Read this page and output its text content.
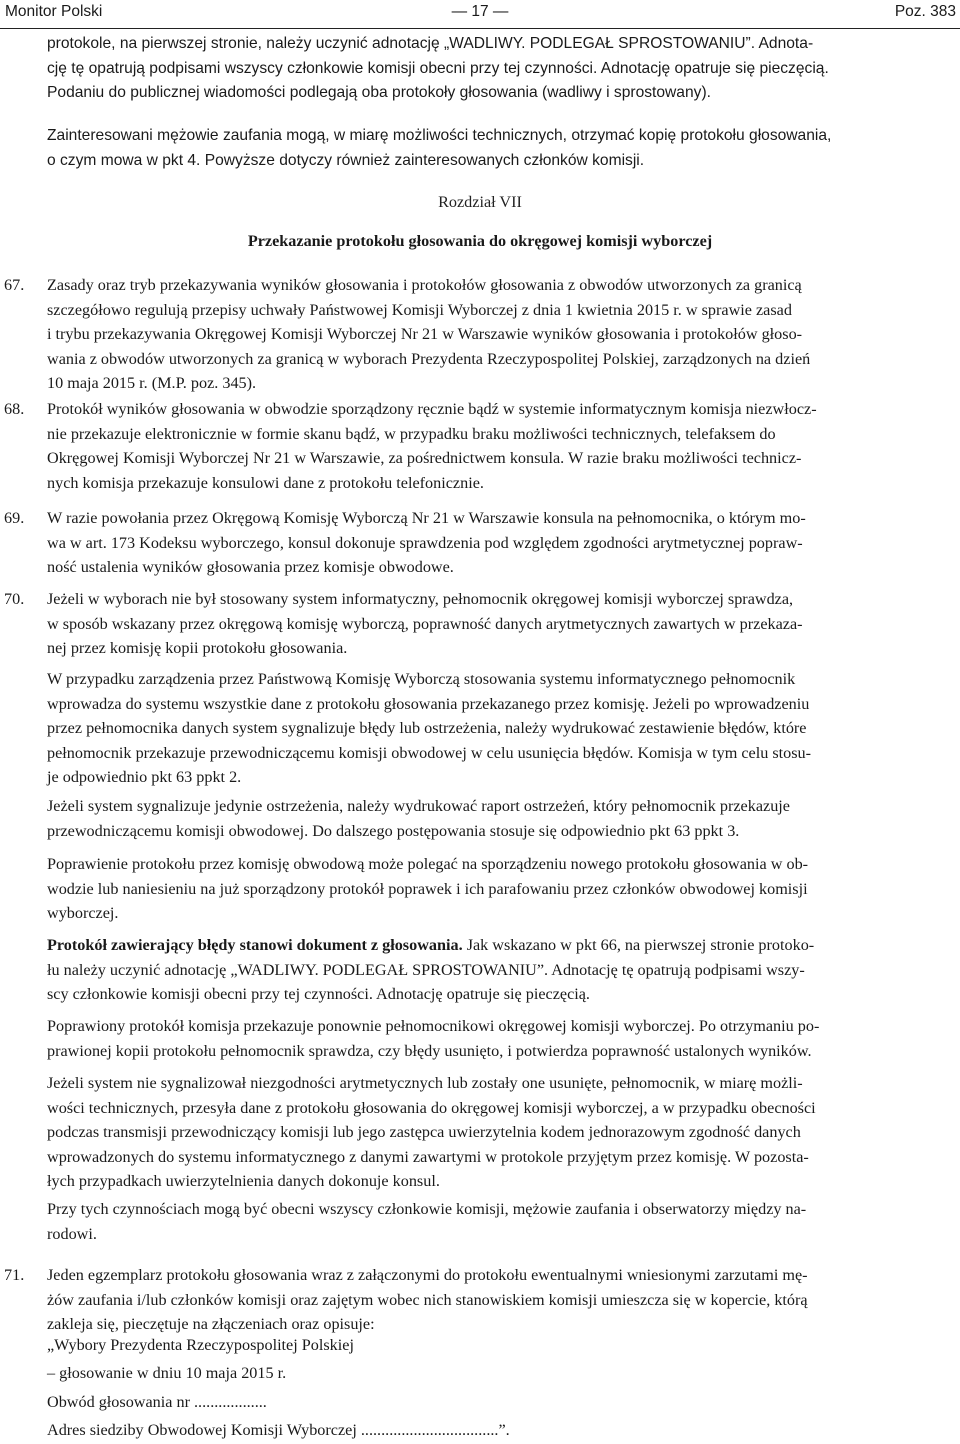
Monitor Polski	— 17 —	Poz. 383
protokole, na pierwszej stronie, należy uczynić adnotację „WADLIWY. PODLEGAŁ SPROSTOWANIU”. Adnota-
cję tę opatrują podpisami wszyscy członkowie komisji obecni przy tej czynności. Adnotację opatruje się pieczęcią.
Podaniu do publicznej wiadomości podlegają oba protokoły głosowania (wadliwy i sprostowany).
Zainteresowani mężowie zaufania mogą, w miarę możliwości technicznych, otrzymać kopię protokołu głosowania,
o czym mowa w pkt 4. Powyższe dotyczy również zainteresowanych członków komisji.
Rozdział VII
Przekazanie protokołu głosowania do okręgowej komisji wyborczej
67. Zasady oraz tryb przekazywania wyników głosowania i protokołów głosowania z obwodów utworzonych za granicą
szczegółowo regulują przepisy uchwały Państwowej Komisji Wyborczej z dnia 1 kwietnia 2015 r. w sprawie zasad
i trybu przekazywania Okręgowej Komisji Wyborczej Nr 21 w Warszawie wyników głosowania i protokołów głoso-
wania z obwodów utworzonych za granicą w wyborach Prezydenta Rzeczypospolitej Polskiej, zarządzonych na dzień
10 maja 2015 r. (M.P. poz. 345).
68. Protokół wyników głosowania w obwodzie sporządzony ręcznie bądź w systemie informatycznym komisja niezwłocz-
nie przekazuje elektronicznie w formie skanu bądź, w przypadku braku możliwości technicznych, telefaksem do
Okręgowej Komisji Wyborczej Nr 21 w Warszawie, za pośrednictwem konsula. W razie braku możliwości technicz-
nych komisja przekazuje konsulowi dane z protokołu telefonicznie.
69. W razie powołania przez Okręgową Komisję Wyborczą Nr 21 w Warszawie konsula na pełnomocnika, o którym mo-
wa w art. 173 Kodeksu wyborczego, konsul dokonuje sprawdzenia pod względem zgodności arytmetycznej popraw-
ność ustalenia wyników głosowania przez komisje obwodowe.
70. Jeżeli w wyborach nie był stosowany system informatyczny, pełnomocnik okręgowej komisji wyborczej sprawdza,
w sposób wskazany przez okręgową komisję wyborczą, poprawność danych arytmetycznych zawartych w przekaza-
nej przez komisję kopii protokołu głosowania.
W przypadku zarządzenia przez Państwową Komisję Wyborczą stosowania systemu informatycznego pełnomocnik
wprowadza do systemu wszystkie dane z protokołu głosowania przekazanego przez komisję. Jeżeli po wprowadzeniu
przez pełnomocnika danych system sygnalizuje błędy lub ostrzeżenia, należy wydrukować zestawienie błędów, które
pełnomocnik przekazuje przewodniczącemu komisji obwodowej w celu usunięcia błędów. Komisja w tym celu stosu-
je odpowiednio pkt 63 ppkt 2.
Jeżeli system sygnalizuje jedynie ostrzeżenia, należy wydrukować raport ostrzeżeń, który pełnomocnik przekazuje
przewodniczącemu komisji obwodowej. Do dalszego postępowania stosuje się odpowiednio pkt 63 ppkt 3.
Poprawienie protokołu przez komisję obwodową może polegać na sporządzeniu nowego protokołu głosowania w ob-
wodzie lub naniesieniu na już sporządzony protokół poprawek i ich parafowaniu przez członków obwodowej komisji
wyborczej.
Protokół zawierający błędy stanowi dokument z głosowania. Jak wskazano w pkt 66, na pierwszej stronie protoko-
łu należy uczynić adnotację „WADLIWY. PODLEGAŁ SPROSTOWANIU”. Adnotację tę opatrują podpisami wszy-
scy członkowie komisji obecni przy tej czynności. Adnotację opatruje się pieczęcią.
Poprawiony protokół komisja przekazuje ponownie pełnomocnikowi okręgowej komisji wyborczej. Po otrzymaniu po-
prawionej kopii protokołu pełnomocnik sprawdza, czy błędy usunięto, i potwierdza poprawność ustalonych wyników.
Jeżeli system nie sygnalizował niezgodności arytmetycznych lub zostały one usunięte, pełnomocnik, w miarę możli-
wości technicznych, przesyła dane z protokołu głosowania do okręgowej komisji wyborczej, a w przypadku obecności
podczas transmisji przewodniczący komisji lub jego zastępca uwierzytelnia kodem jednorazowym zgodność danych
wprowadzonych do systemu informatycznego z danymi zawartymi w protokole przyjętym przez komisję. W pozosta-
łych przypadkach uwierzytelnienia danych dokonuje konsul.
Przy tych czynnościach mogą być obecni wszyscy członkowie komisji, mężowie zaufania i obserwatorzy między na-
rodowi.
71. Jeden egzemplarz protokołu głosowania wraz z załączonymi do protokołu ewentualnymi wniesionymi zarzutami mę-
żów zaufania i/lub członków komisji oraz zajętym wobec nich stanowiskiem komisji umieszcza się w kopercie, którą
zakleja się, pieczętuje na złączeniach oraz opisuje:
„Wybory Prezydenta Rzeczypospolitej Polskiej
– głosowanie w dniu 10 maja 2015 r.
Obwód głosowania nr ..................
Adres siedziby Obwodowej Komisji Wyborczej ..................................”.
